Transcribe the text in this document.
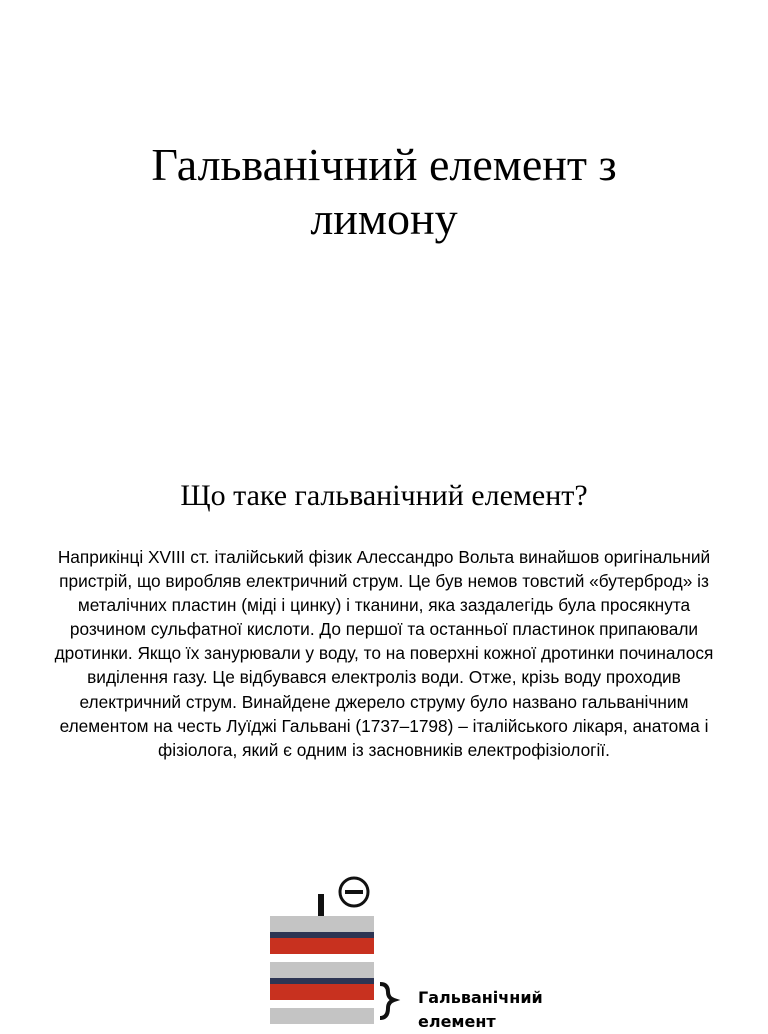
Гальванічний елемент з лимону
Що таке гальванічний елемент?

Наприкінці XVIII ст. італійський фізик Алессандро Вольта винайшов оригінальний пристрій, що виробляв електричний струм. Це був немов товстий «бутерброд» із металічних пластин (міді і цинку) і тканини, яка заздалегідь була просякнута розчином сульфатної кислоти. До першої та останньої пластинок припаювали дротинки. Якщо їх занурювали у воду, то на поверхні кожної дротинки починалося виділення газу. Це відбувався електроліз води. Отже, крізь воду проходив електричний струм. Винайдене джерело струму було названо гальванічним елементом на честь Луїджі Гальвані (1737–1798) – італійського лікаря, анатома і фізіолога, який є одним із засновників електрофізіології.

Гальванічний
елемент
